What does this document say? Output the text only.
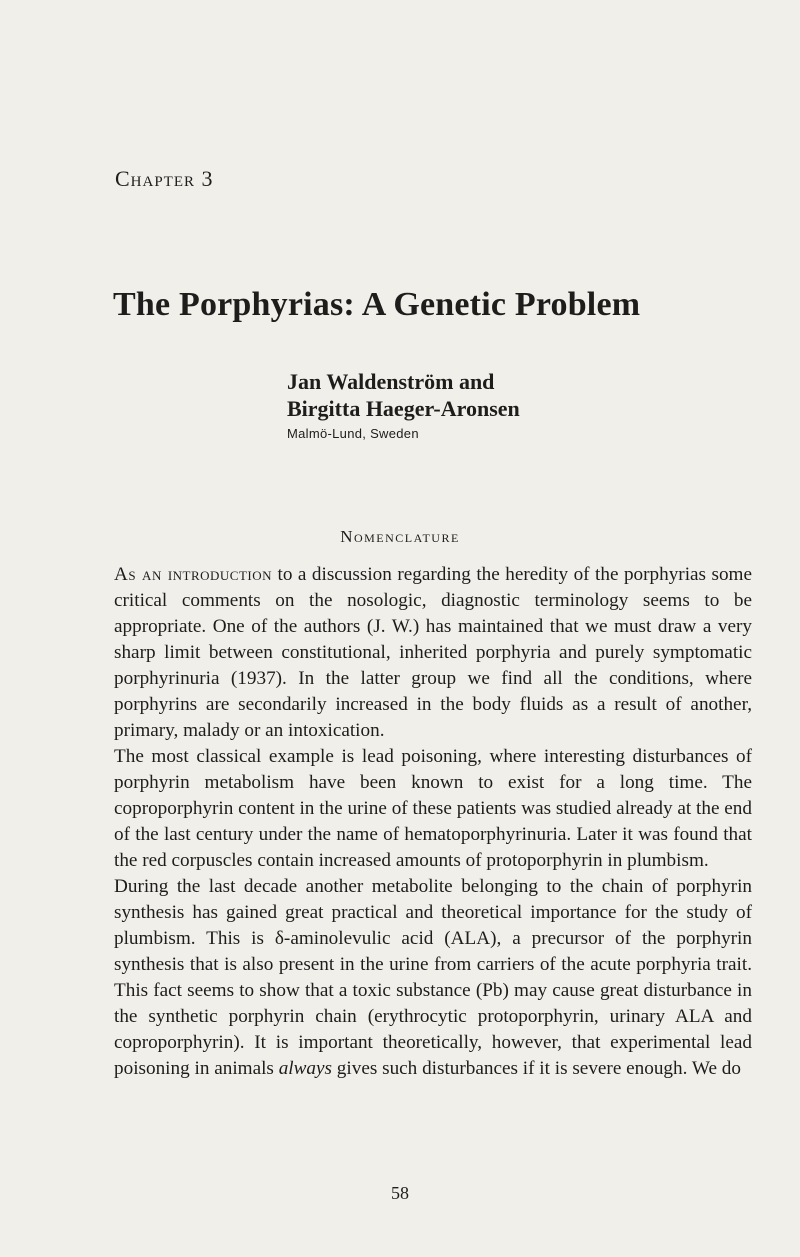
Chapter 3
The Porphyrias: A Genetic Problem
Jan Waldenström and
Birgitta Haeger-Aronsen
Malmö-Lund, Sweden
Nomenclature

As an introduction to a discussion regarding the heredity of the porphyrias some critical comments on the nosologic, diagnostic terminology seems to be appropriate. One of the authors (J. W.) has maintained that we must draw a very sharp limit between constitutional, inherited porphyria and purely symptomatic porphyrinuria (1937). In the latter group we find all the conditions, where porphyrins are secondarily increased in the body fluids as a result of another, primary, malady or an intoxication.

The most classical example is lead poisoning, where interesting disturbances of porphyrin metabolism have been known to exist for a long time. The coproporphyrin content in the urine of these patients was studied already at the end of the last century under the name of hematoporphyrinuria. Later it was found that the red corpuscles contain increased amounts of protoporphyrin in plumbism.

During the last decade another metabolite belonging to the chain of porphyrin synthesis has gained great practical and theoretical importance for the study of plumbism. This is δ-aminolevulic acid (ALA), a precursor of the porphyrin synthesis that is also present in the urine from carriers of the acute porphyria trait. This fact seems to show that a toxic substance (Pb) may cause great disturbance in the synthetic porphyrin chain (erythrocytic protoporphyrin, urinary ALA and coproporphyrin). It is important theoretically, however, that experimental lead poisoning in animals always gives such disturbances if it is severe enough. We do

58
